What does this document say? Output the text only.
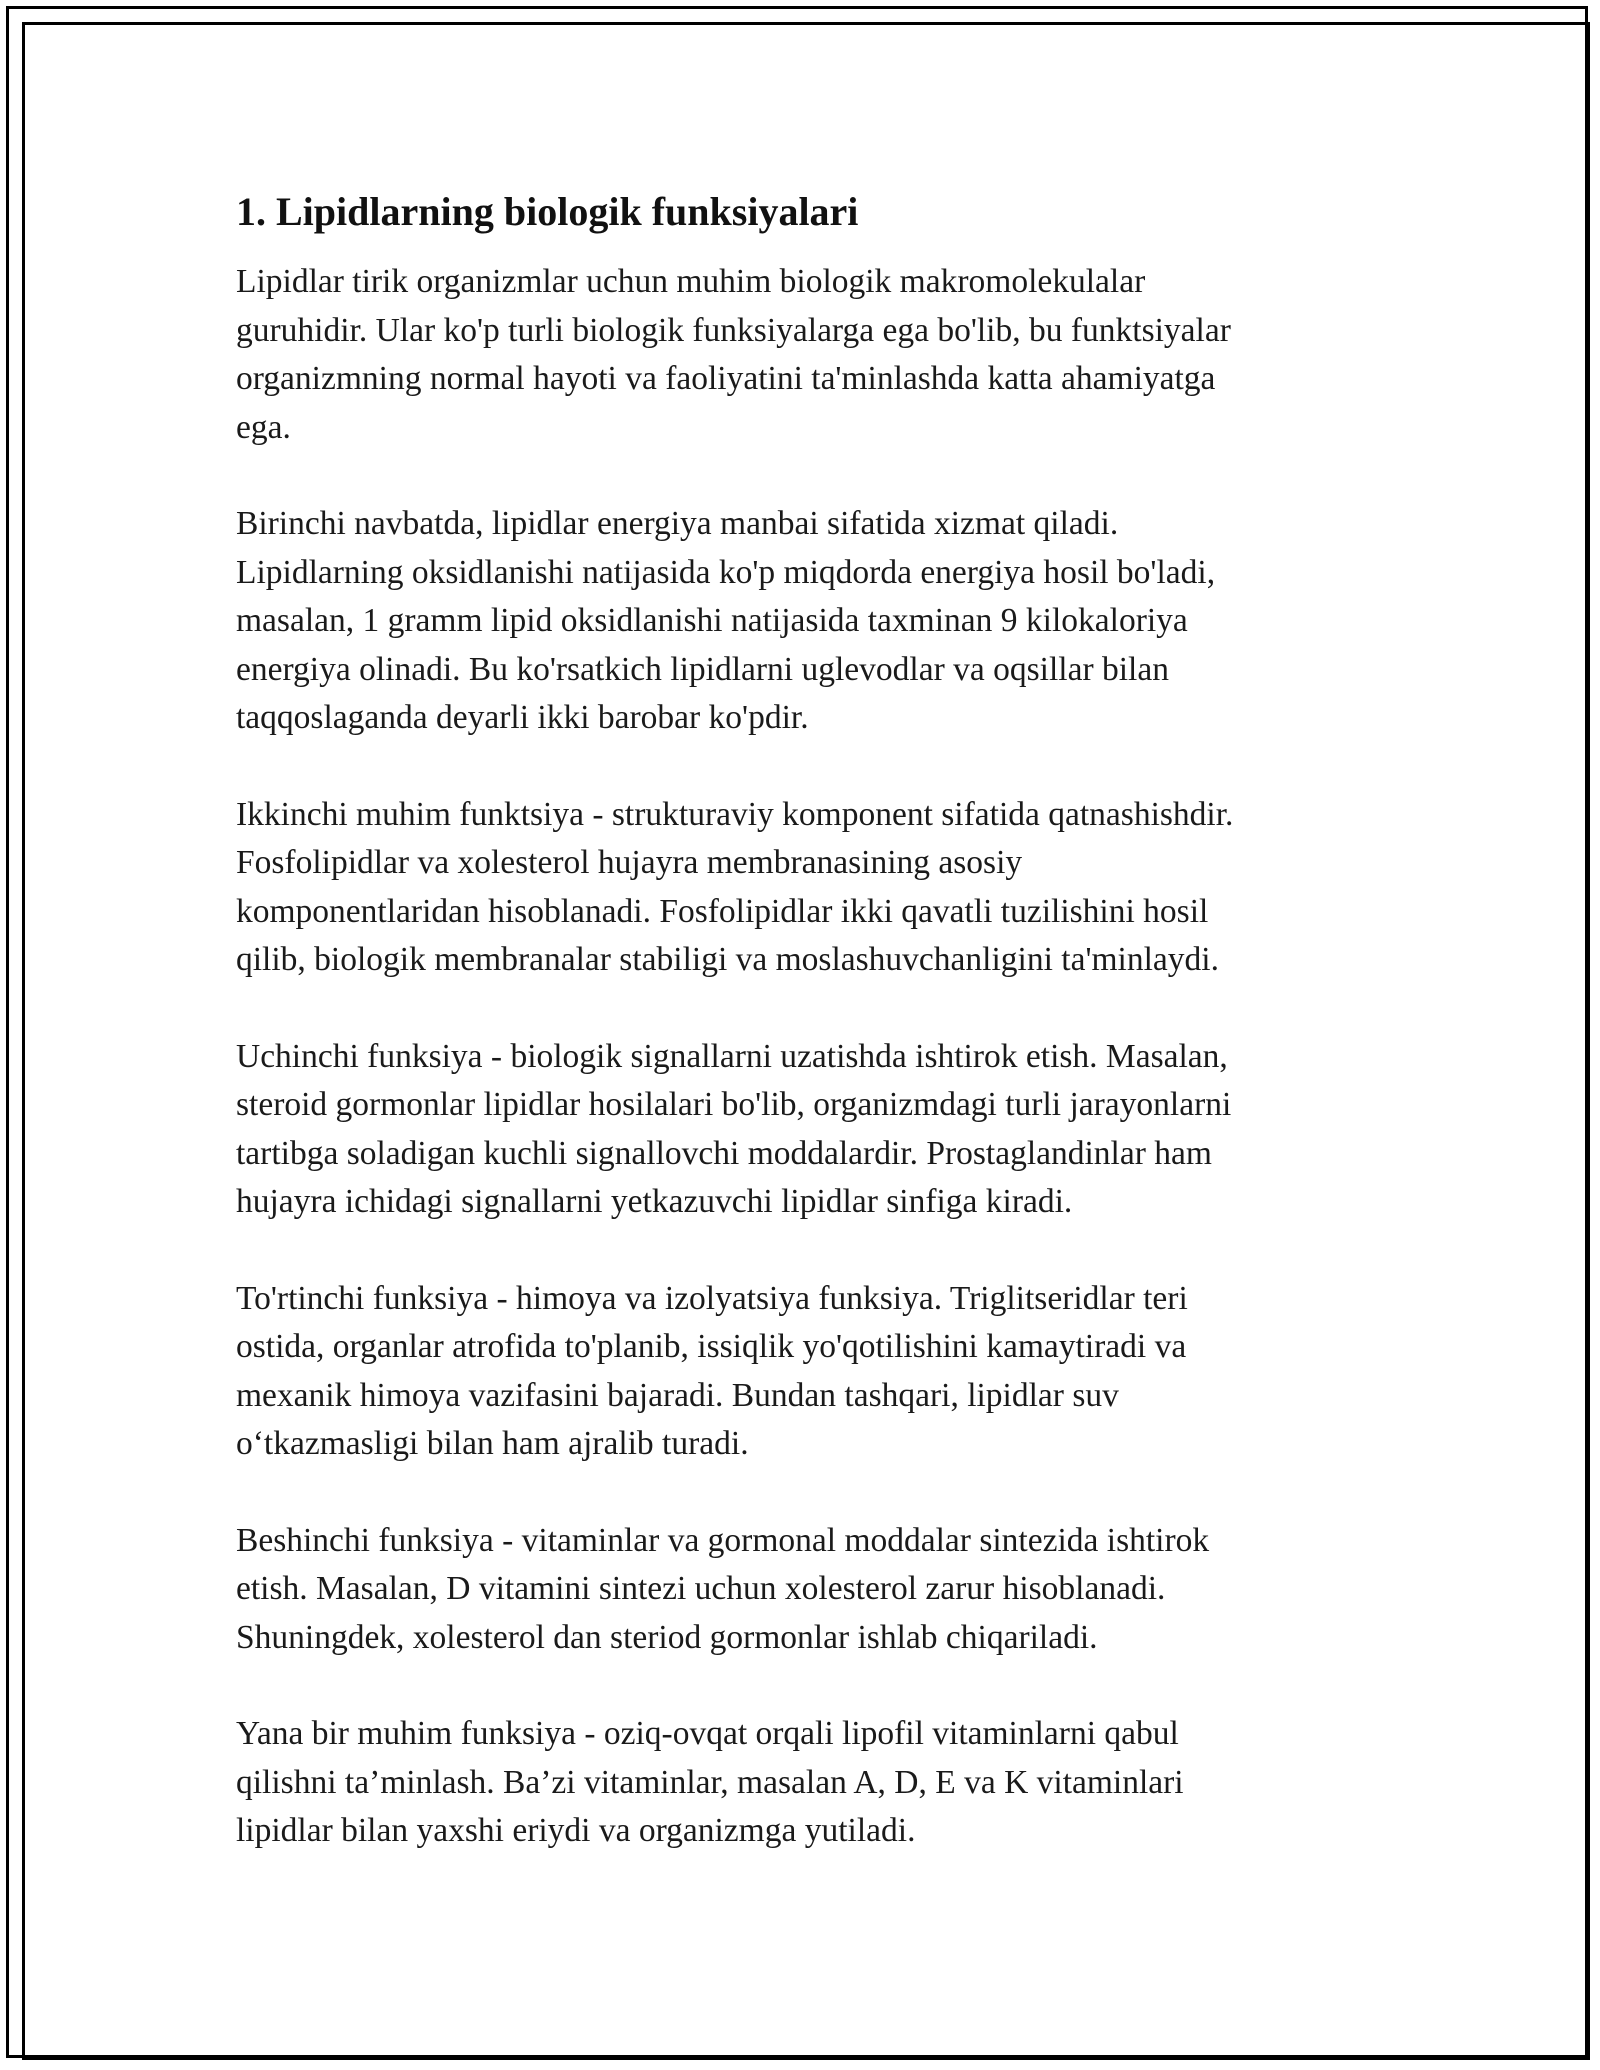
1. Lipidlarning biologik funksiyalari

Lipidlar tirik organizmlar uchun muhim biologik makromolekulalar
guruhidir. Ular ko'p turli biologik funksiyalarga ega bo'lib, bu funktsiyalar
organizmning normal hayoti va faoliyatini ta'minlashda katta ahamiyatga
ega.

Birinchi navbatda, lipidlar energiya manbai sifatida xizmat qiladi.
Lipidlarning oksidlanishi natijasida ko'p miqdorda energiya hosil bo'ladi,
masalan, 1 gramm lipid oksidlanishi natijasida taxminan 9 kilokaloriya
energiya olinadi. Bu ko'rsatkich lipidlarni uglevodlar va oqsillar bilan
taqqoslaganda deyarli ikki barobar ko'pdir.

Ikkinchi muhim funktsiya - strukturaviy komponent sifatida qatnashishdir.
Fosfolipidlar va xolesterol hujayra membranasining asosiy
komponentlaridan hisoblanadi. Fosfolipidlar ikki qavatli tuzilishini hosil
qilib, biologik membranalar stabiligi va moslashuvchanligini ta'minlaydi.

Uchinchi funksiya - biologik signallarni uzatishda ishtirok etish. Masalan,
steroid gormonlar lipidlar hosilalari bo'lib, organizmdagi turli jarayonlarni
tartibga soladigan kuchli signallovchi moddalardir. Prostaglandinlar ham
hujayra ichidagi signallarni yetkazuvchi lipidlar sinfiga kiradi.

To'rtinchi funksiya - himoya va izolyatsiya funksiya. Triglitseridlar teri
ostida, organlar atrofida to'planib, issiqlik yo'qotilishini kamaytiradi va
mexanik himoya vazifasini bajaradi. Bundan tashqari, lipidlar suv
o‘tkazmasligi bilan ham ajralib turadi.

Beshinchi funksiya - vitaminlar va gormonal moddalar sintezida ishtirok
etish. Masalan, D vitamini sintezi uchun xolesterol zarur hisoblanadi.
Shuningdek, xolesterol dan steriod gormonlar ishlab chiqariladi.

Yana bir muhim funksiya - oziq-ovqat orqali lipofil vitaminlarni qabul
qilishni ta’minlash. Ba’zi vitaminlar, masalan A, D, E va K vitaminlari
lipidlar bilan yaxshi eriydi va organizmga yutiladi.
